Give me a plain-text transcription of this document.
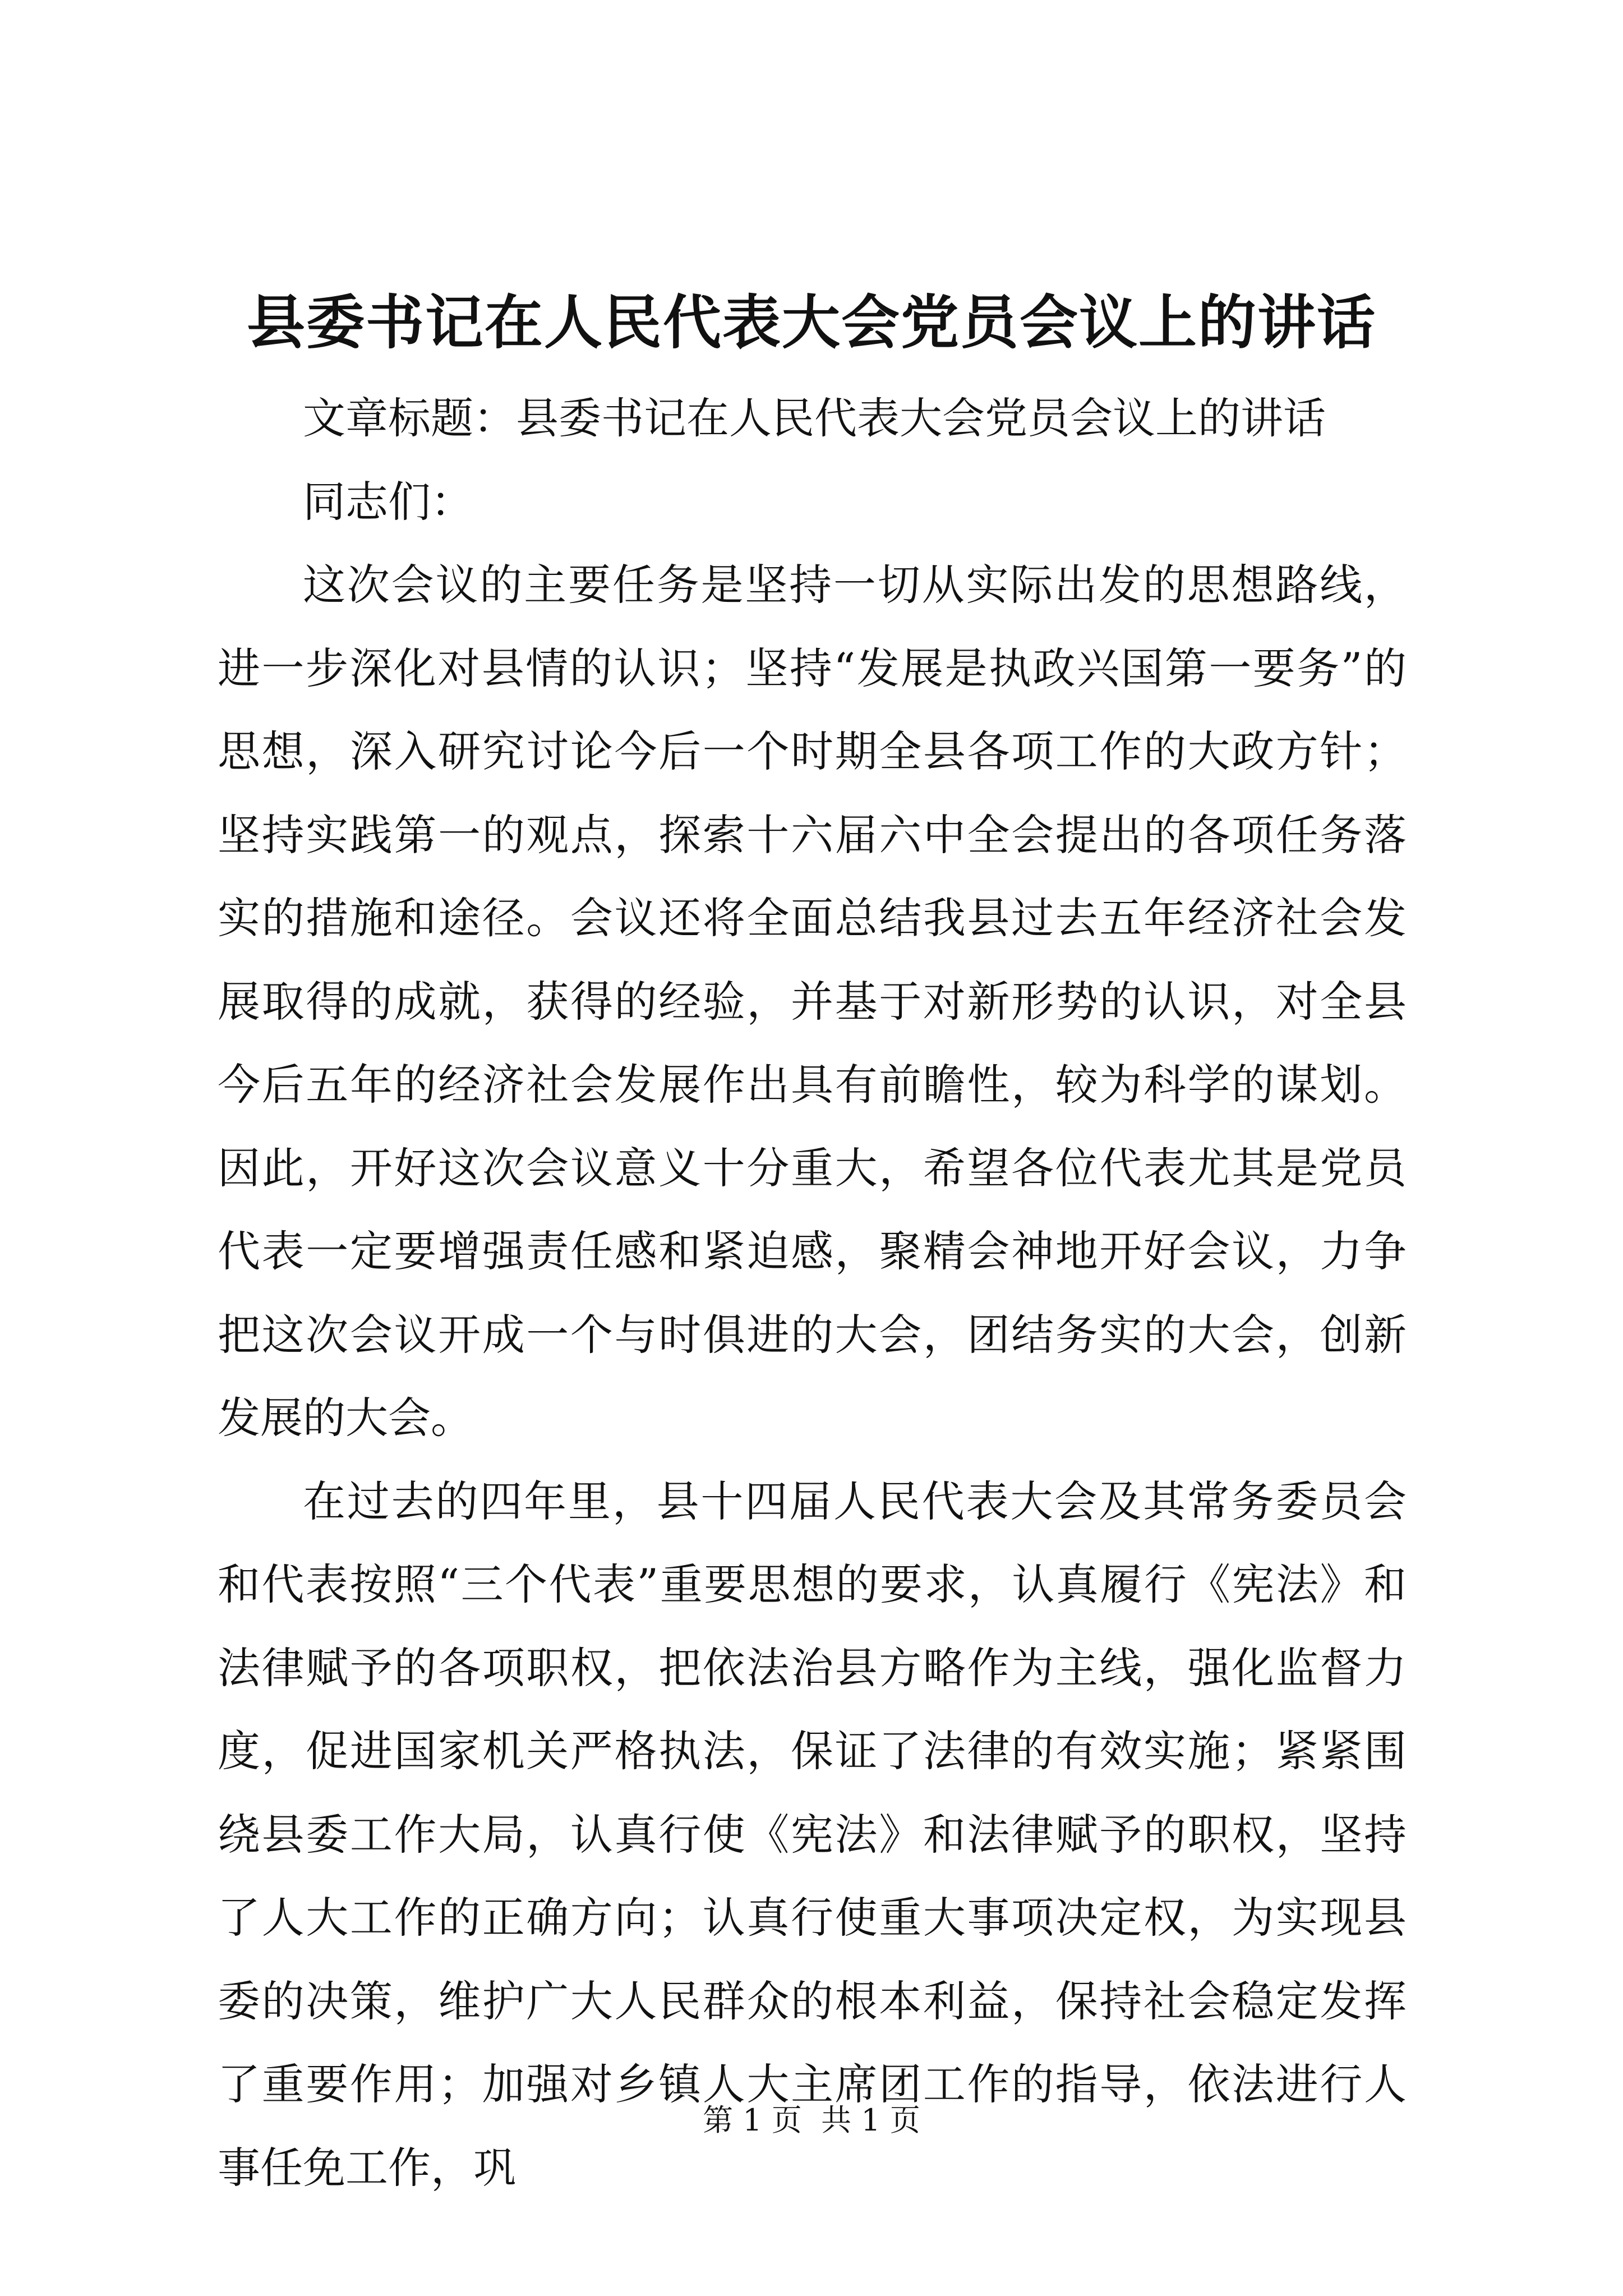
县委书记在人民代表大会党员会议上的讲话

文章标题：县委书记在人民代表大会党员会议上的讲话

同志们：

这次会议的主要任务是坚持一切从实际出发的思想路线，进一步深化对县情的认识；坚持“发展是执政兴国第一要务”的思想，深入研究讨论今后一个时期全县各项工作的大政方针；坚持实践第一的观点，探索十六届六中全会提出的各项任务落实的措施和途径。会议还将全面总结我县过去五年经济社会发展取得的成就，获得的经验，并基于对新形势的认识，对全县今后五年的经济社会发展作出具有前瞻性，较为科学的谋划。因此，开好这次会议意义十分重大，希望各位代表尤其是党员代表一定要增强责任感和紧迫感，聚精会神地开好会议，力争把这次会议开成一个与时俱进的大会，团结务实的大会，创新发展的大会。

在过去的四年里，县十四届人民代表大会及其常务委员会和代表按照“三个代表”重要思想的要求，认真履行《宪法》和法律赋予的各项职权，把依法治县方略作为主线，强化监督力度，促进国家机关严格执法，保证了法律的有效实施；紧紧围绕县委工作大局，认真行使《宪法》和法律赋予的职权，坚持了人大工作的正确方向；认真行使重大事项决定权，为实现县委的决策，维护广大人民群众的根本利益，保持社会稳定发挥了重要作用；加强对乡镇人大主席团工作的指导，依法进行人事任免工作，巩

第 1 页  共 1 页
